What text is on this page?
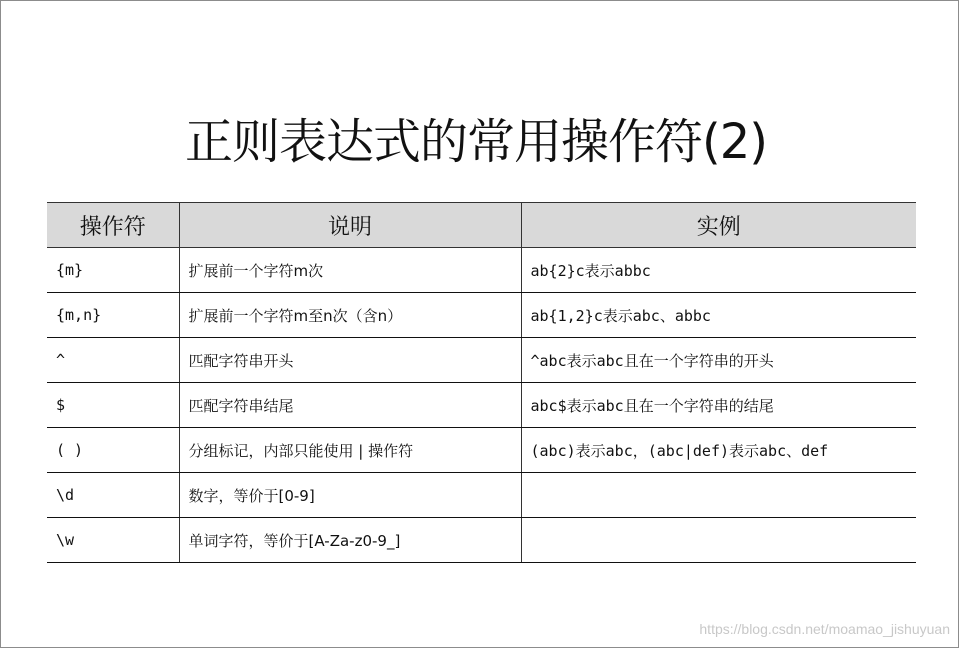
正则表达式的常用操作符(2)
操作符	说明	实例
{m}	扩展前一个字符m次	ab{2}c表示abbc
{m,n}	扩展前一个字符m至n次（含n）	ab{1,2}c表示abc、abbc
^	匹配字符串开头	^abc表示abc且在一个字符串的开头
$	匹配字符串结尾	abc$表示abc且在一个字符串的结尾
( )	分组标记，内部只能使用 | 操作符	(abc)表示abc，(abc|def)表示abc、def
\d	数字，等价于[0-9]	
\w	单词字符，等价于[A-Za-z0-9_]	
https://blog.csdn.net/moamao_jishuyuan
